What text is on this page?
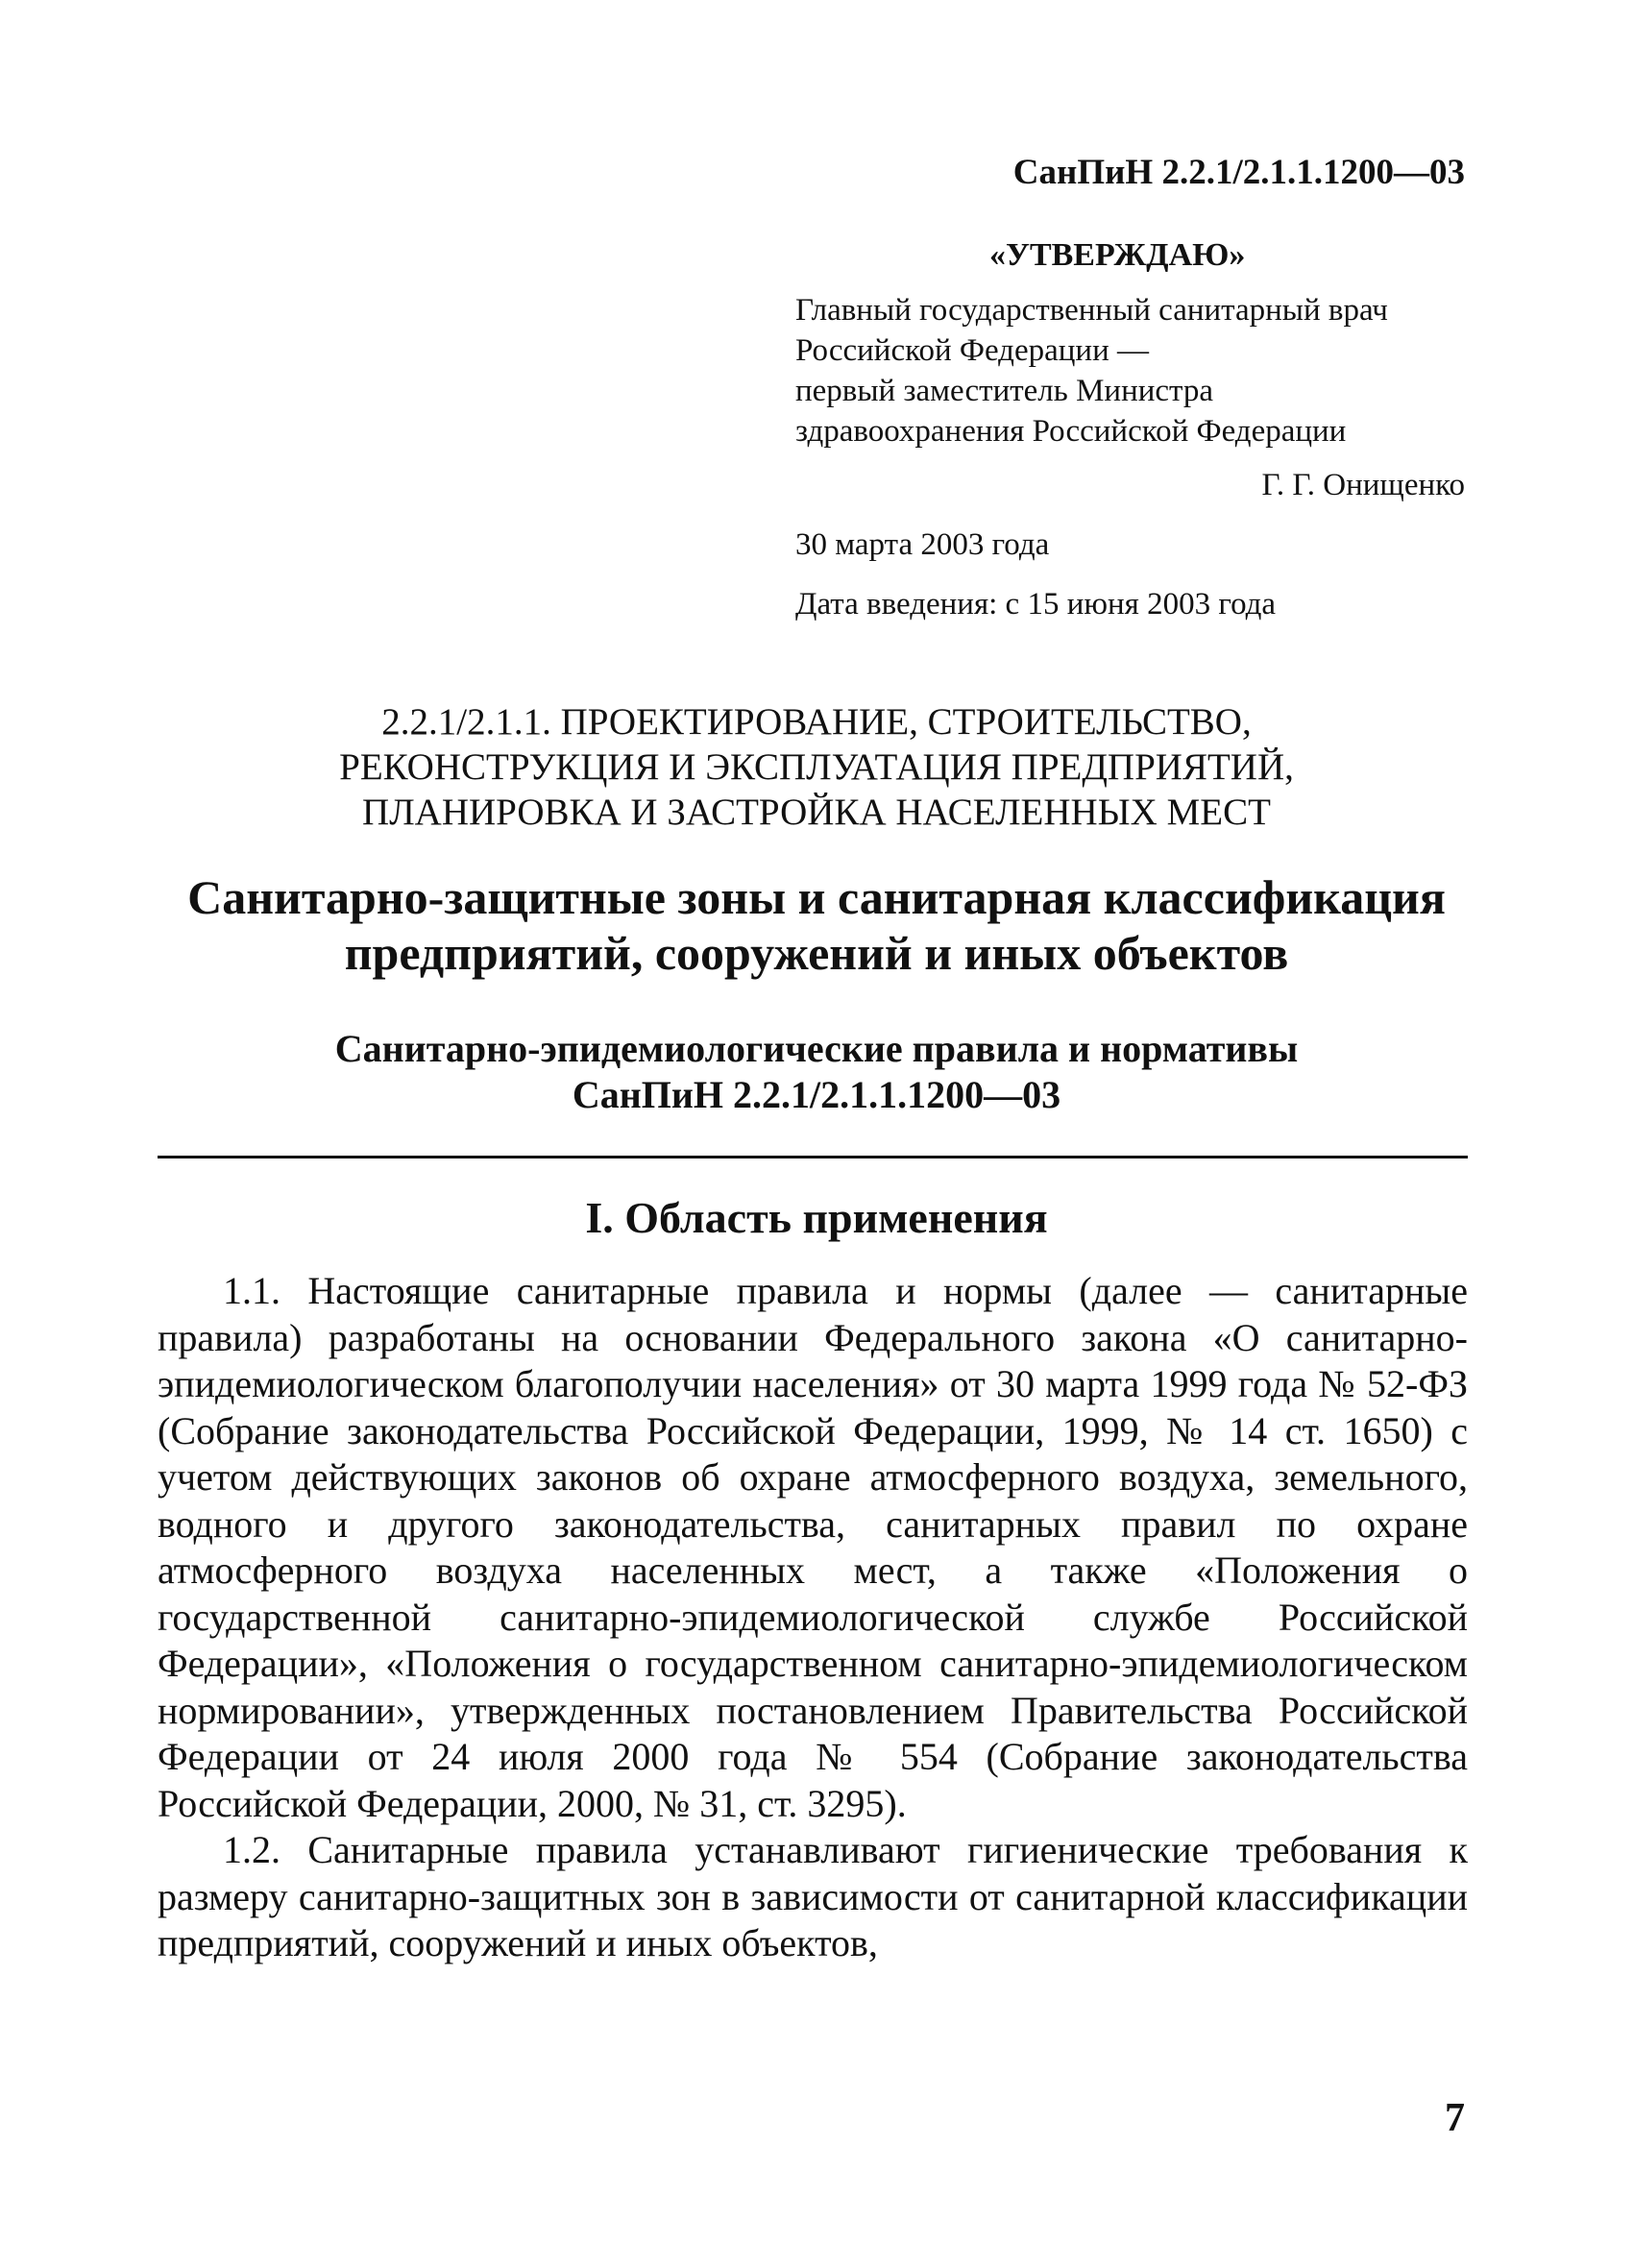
СанПиН 2.2.1/2.1.1.1200—03
«УТВЕРЖДАЮ»
Главный государственный санитарный врач
Российской Федерации —
первый заместитель Министра
здравоохранения Российской Федерации
Г. Г. Онищенко
30 марта 2003 года
Дата введения: с 15 июня 2003 года
2.2.1/2.1.1. ПРОЕКТИРОВАНИЕ, СТРОИТЕЛЬСТВО,
РЕКОНСТРУКЦИЯ И ЭКСПЛУАТАЦИЯ ПРЕДПРИЯТИЙ,
ПЛАНИРОВКА И ЗАСТРОЙКА НАСЕЛЕННЫХ МЕСТ
Санитарно-защитные зоны и санитарная классификация
предприятий, сооружений и иных объектов
Санитарно-эпидемиологические правила и нормативы
СанПиН 2.2.1/2.1.1.1200—03
I. Область применения

1.1. Настоящие санитарные правила и нормы (далее — санитарные правила) разработаны на основании Федерального закона «О санитарно-эпидемиологическом благополучии населения» от 30 марта 1999 года № 52-ФЗ (Собрание законодательства Российской Федерации, 1999, № 14 ст. 1650) с учетом действующих законов об охране атмосферного воздуха, земельного, водного и другого законодательства, санитарных правил по охране атмосферного воздуха населенных мест, а также «Положения о государственной санитарно-эпидемиологической службе Российской Федерации», «Положения о государственном санитарно-эпидемиологическом нормировании», утвержденных постановлением Правительства Российской Федерации от 24 июля 2000 года № 554 (Собрание законодательства Российской Федерации, 2000, № 31, ст. 3295).

1.2. Санитарные правила устанавливают гигиенические требования к размеру санитарно-защитных зон в зависимости от санитарной классификации предприятий, сооружений и иных объектов,

7
